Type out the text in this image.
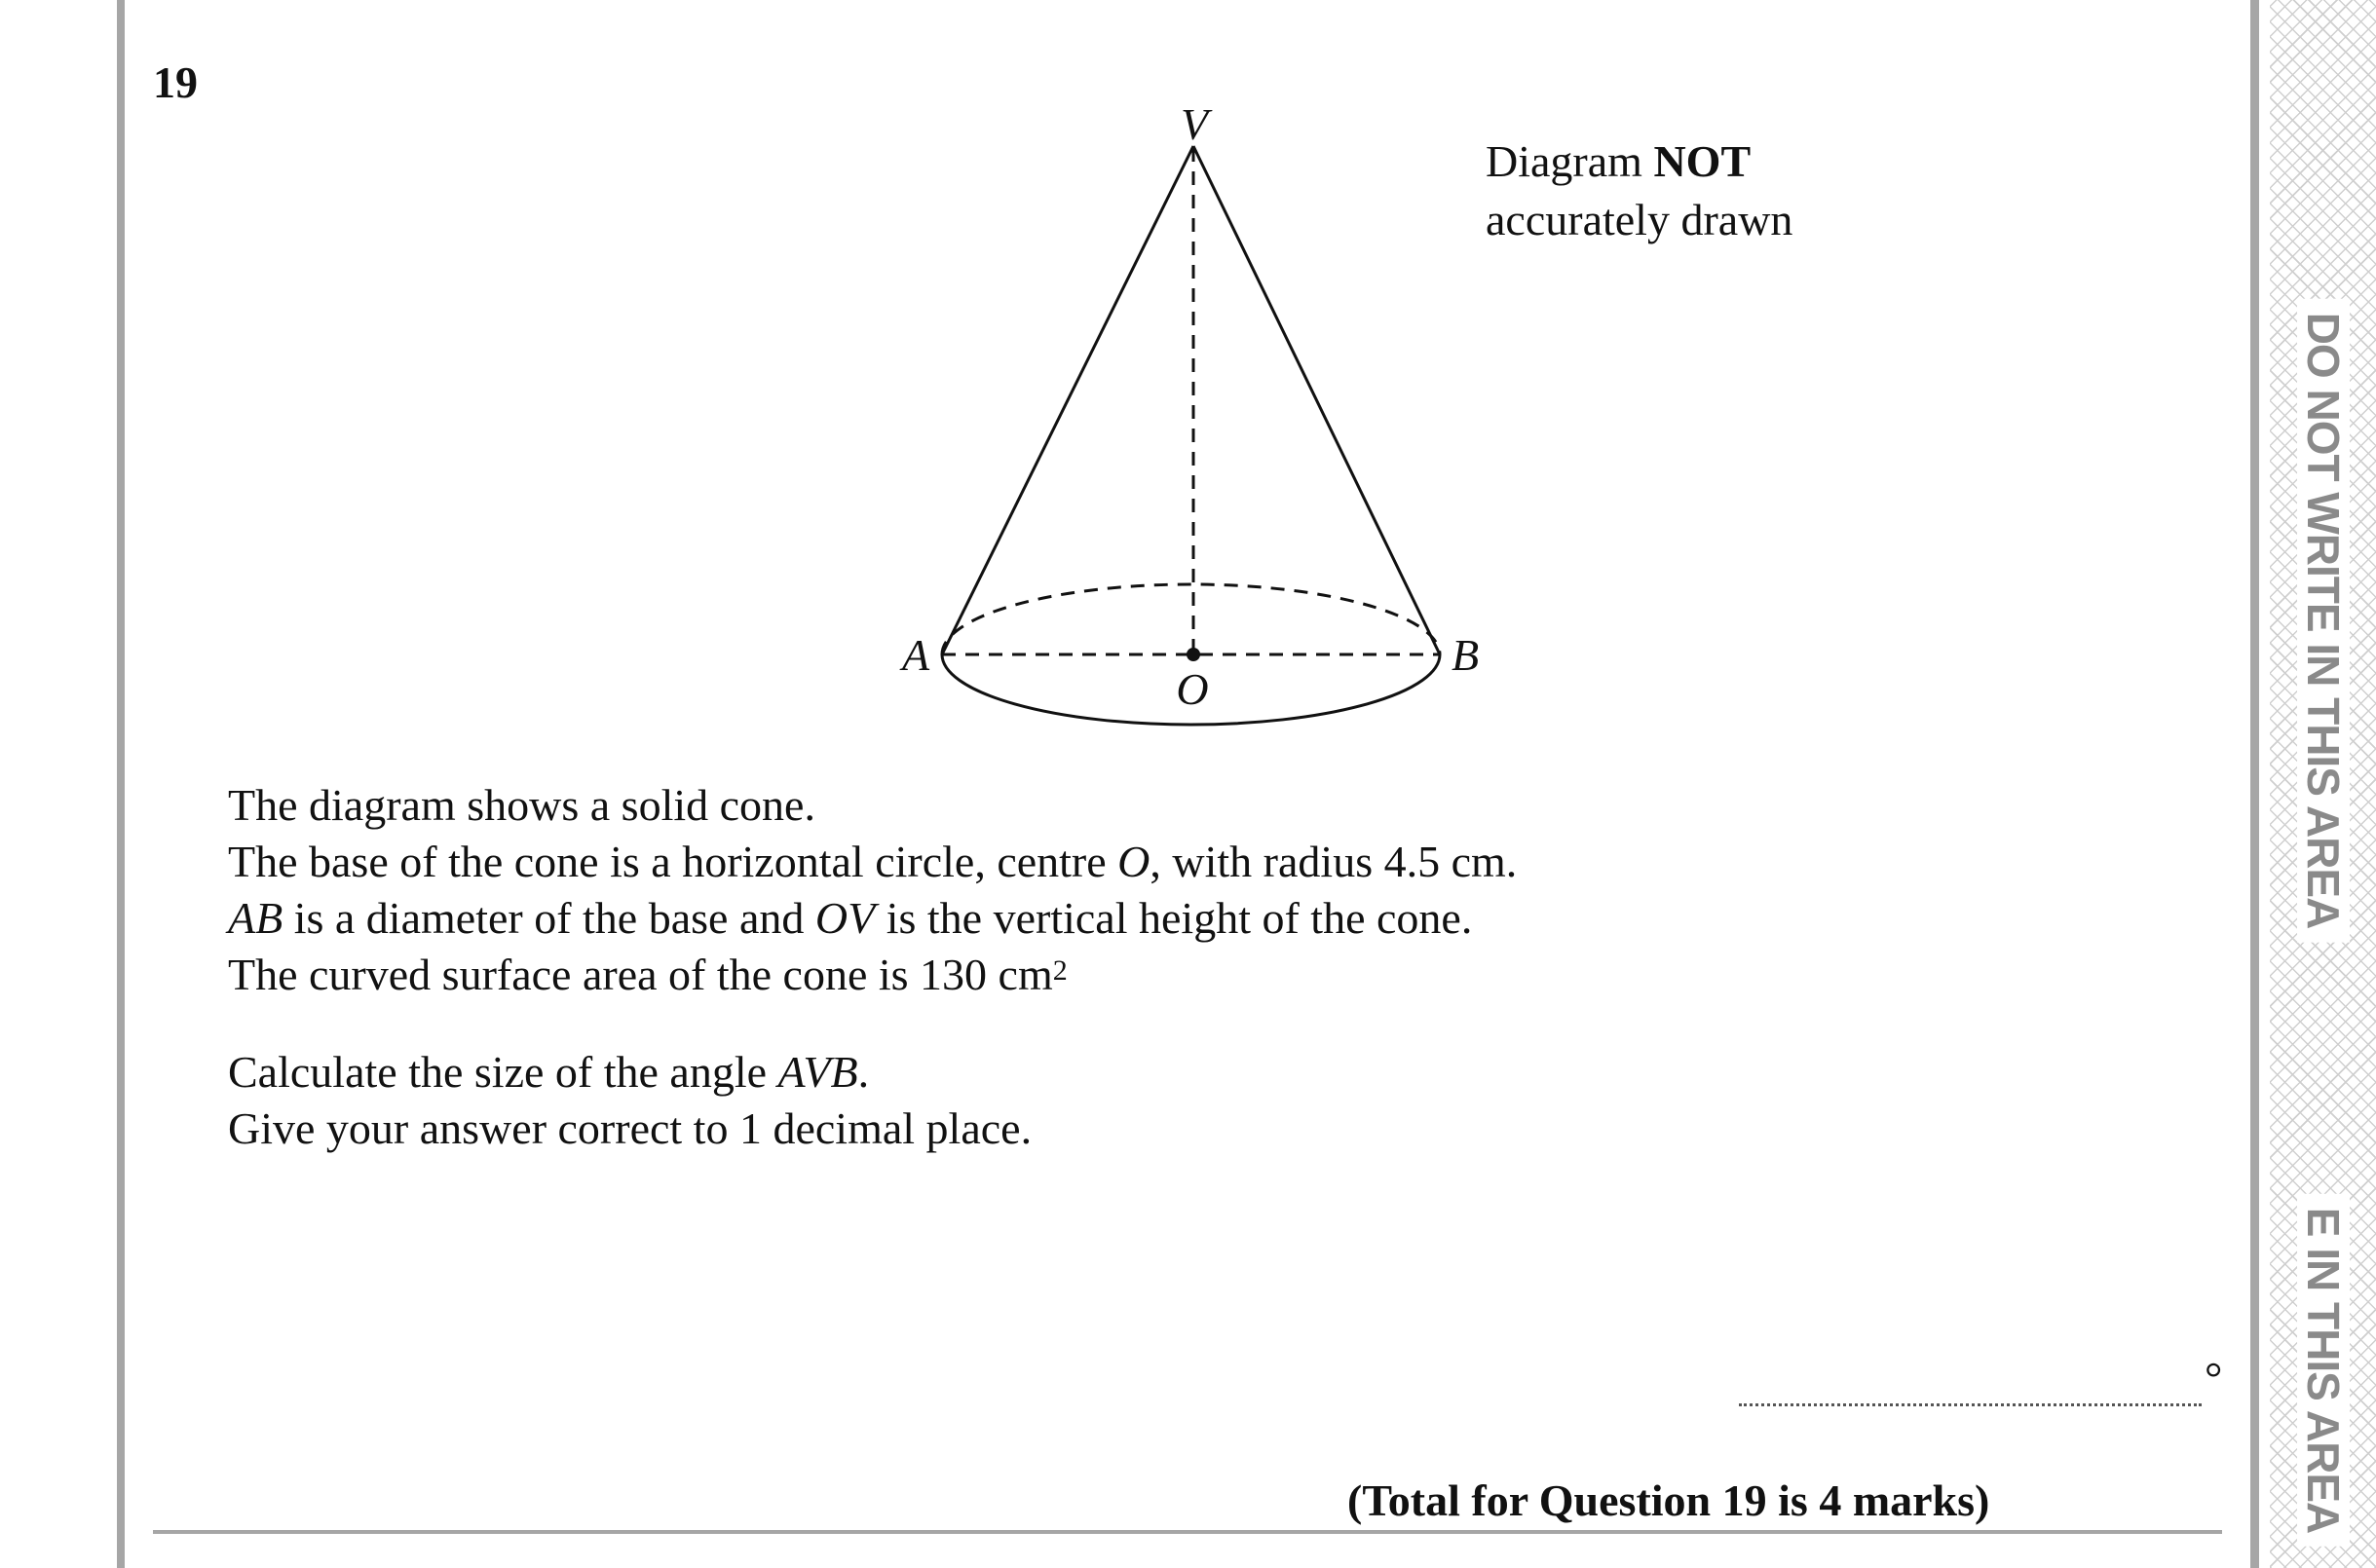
DO NOT WRITE IN THIS AREA
E IN THIS AREA
19
V
A	B
O
Diagram NOT
accurately drawn

The diagram shows a solid cone.

The base of the cone is a horizontal circle, centre O, with radius 4.5 cm.

AB is a diameter of the base and OV is the vertical height of the cone.

The curved surface area of the cone is 130 $cm^2$

Calculate the size of the angle AVB.

Give your answer correct to 1 decimal place.

°
(Total for Question 19 is 4 marks)
